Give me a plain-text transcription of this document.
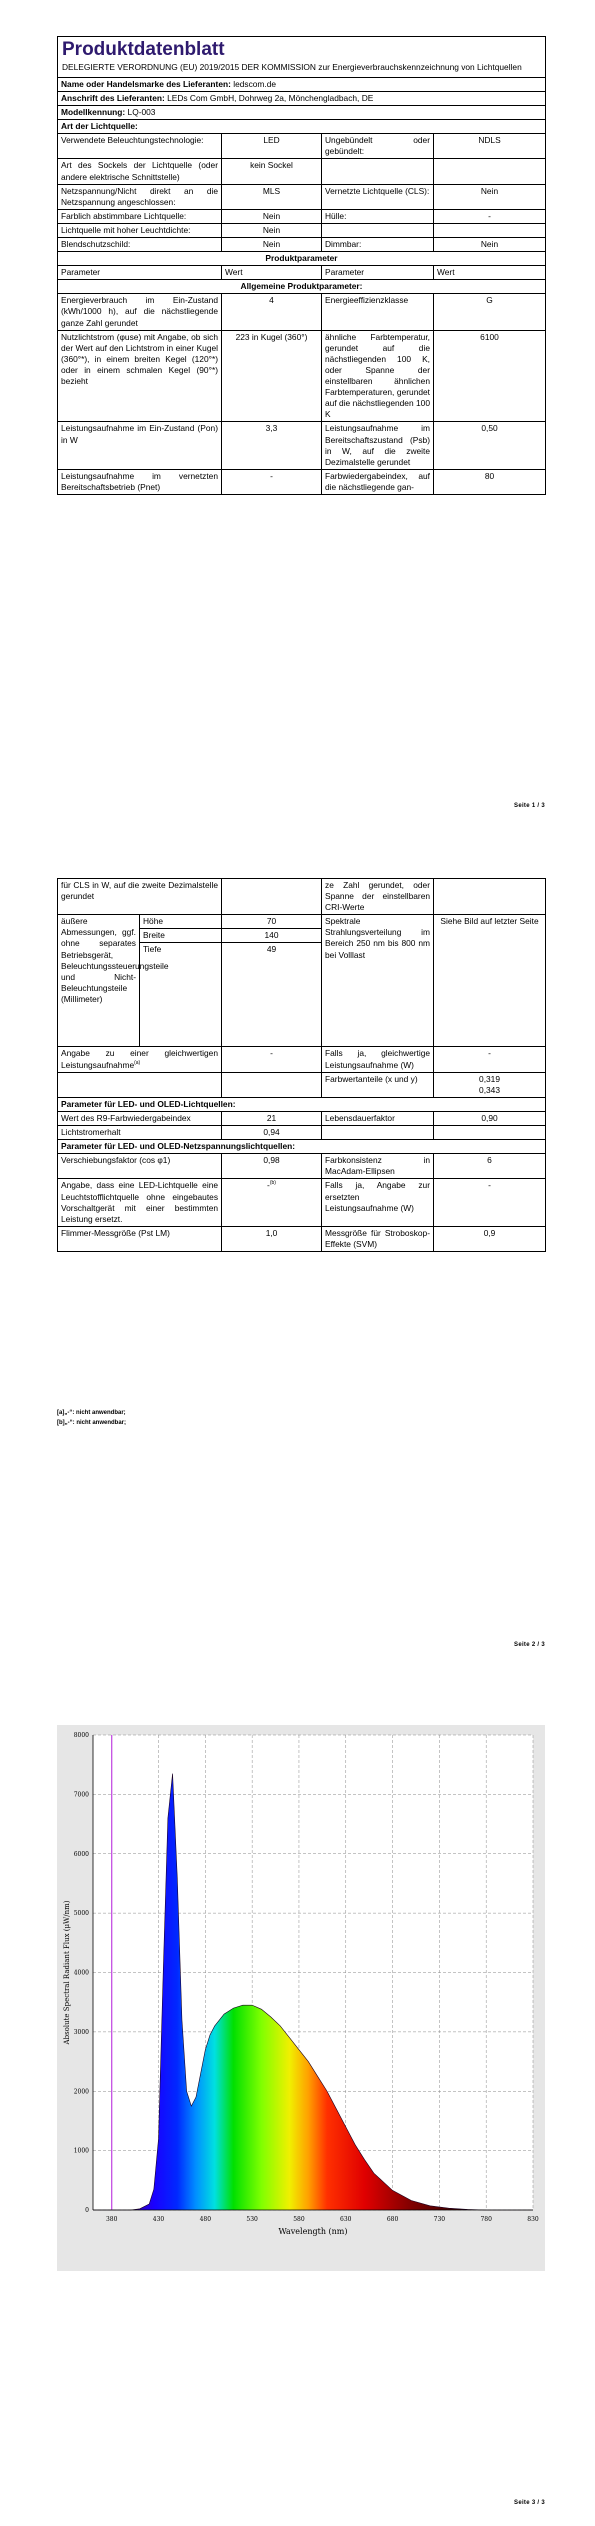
Produktdatenblatt
DELEGIERTE VERORDNUNG (EU) 2019/2015 DER KOMMISSION zur Energieverbrauchskennzeichnung von Lichtquellen			

Name oder Handelsmarke des Lieferanten: ledscom.de			
Anschrift des Lieferanten: LEDs Com GmbH, Dohrweg 2a, Mönchengladbach, DE			
Modellkennung: LQ-003			
Art der Lichtquelle:			
Verwendete Beleuchtungstechnologie:	LED	Ungebündelt oder gebündelt:	NDLS
Art des Sockels der Lichtquelle (oder andere elektrische Schnittstelle)	kein Sockel		
Netzspannung/Nicht direkt an die Netzspannung angeschlossen:	MLS	Vernetzte Lichtquelle (CLS):	Nein
Farblich abstimmbare Lichtquelle:	Nein	Hülle:	-
Lichtquelle mit hoher Leuchtdichte:	Nein		
Blendschutzschild:	Nein	Dimmbar:	Nein
Produktparameter			
Parameter	Wert	Parameter	Wert
Allgemeine Produktparameter:			
Energieverbrauch im Ein-Zustand (kWh/1000 h), auf die nächstliegende ganze Zahl gerundet	4	Energieeffizienzklasse	G
Nutzlichtstrom (φuse) mit Angabe, ob sich der Wert auf den Lichtstrom in einer Kugel (360°*), in einem breiten Kegel (120°*) oder in einem schmalen Kegel (90°*) bezieht	223 in Kugel (360°)	ähnliche Farbtemperatur, gerundet auf die nächstliegenden 100 K, oder Spanne der einstellbaren ähnlichen Farbtemperaturen, gerundet auf die nächstliegenden 100 K	6100
Leistungsaufnahme im Ein-Zustand (Pon) in W	3,3	Leistungsaufnahme im Bereitschaftszustand (Psb) in W, auf die zweite Dezimalstelle gerundet	0,50
Leistungsaufnahme im vernetzten Bereitschaftsbetrieb (Pnet)	-	Farbwiedergabeindex, auf die nächstliegende gan-	80
Seite 1 / 3
für CLS in W, auf die zweite Dezimalstelle gerundet			ze Zahl gerundet, oder Spanne der einstellbaren CRI-Werte	
äußere Abmessungen, ggf. ohne separates Betriebsgerät, Beleuchtungssteuerungsteile und Nicht-Beleuchtungsteile (Millimeter)	Höhe	70	Spektrale Strahlungsverteilung im Bereich 250 nm bis 800 nm bei Volllast	Siehe Bild auf letzter Seite
	Breite	140		
	Tiefe	49		
Angabe zu einer gleichwertigen Leistungsaufnahme$^{(a)}$		-	Falls ja, gleichwertige Leistungsaufnahme (W)	-
			Farbwertanteile (x und y)	0,319
0,343

Parameter für LED- und OLED-Lichtquellen:				
Wert des R9-Farbwiedergabeindex		21	Lebensdauerfaktor	0,90
Lichtstromerhalt		0,94		
Parameter für LED- und OLED-Netzspannungslichtquellen:				
Verschiebungsfaktor (cos φ1)		0,98	Farbkonsistenz in MacAdam-Ellipsen	6
Angabe, dass eine LED-Lichtquelle eine Leuchtstofflichtquelle ohne eingebautes Vorschaltgerät mit einer bestimmten Leistung ersetzt.		-$^{(b)}$	Falls ja, Angabe zur ersetzten Leistungsaufnahme (W)	-
Flimmer-Messgröße (Pst LM)		1,0	Messgröße für Stroboskop-Effekte (SVM)	0,9
[a]„-“: nicht anwendbar;
[b]„-“: nicht anwendbar;
Seite 2 / 3
Seite 3 / 3
380	430	480	530	580	630	680	730	780	830
0
1000
2000
3000
4000
5000
6000
7000
8000
Wavelength (nm)
Absolute Spectral Radiant Flux (μW/nm)
